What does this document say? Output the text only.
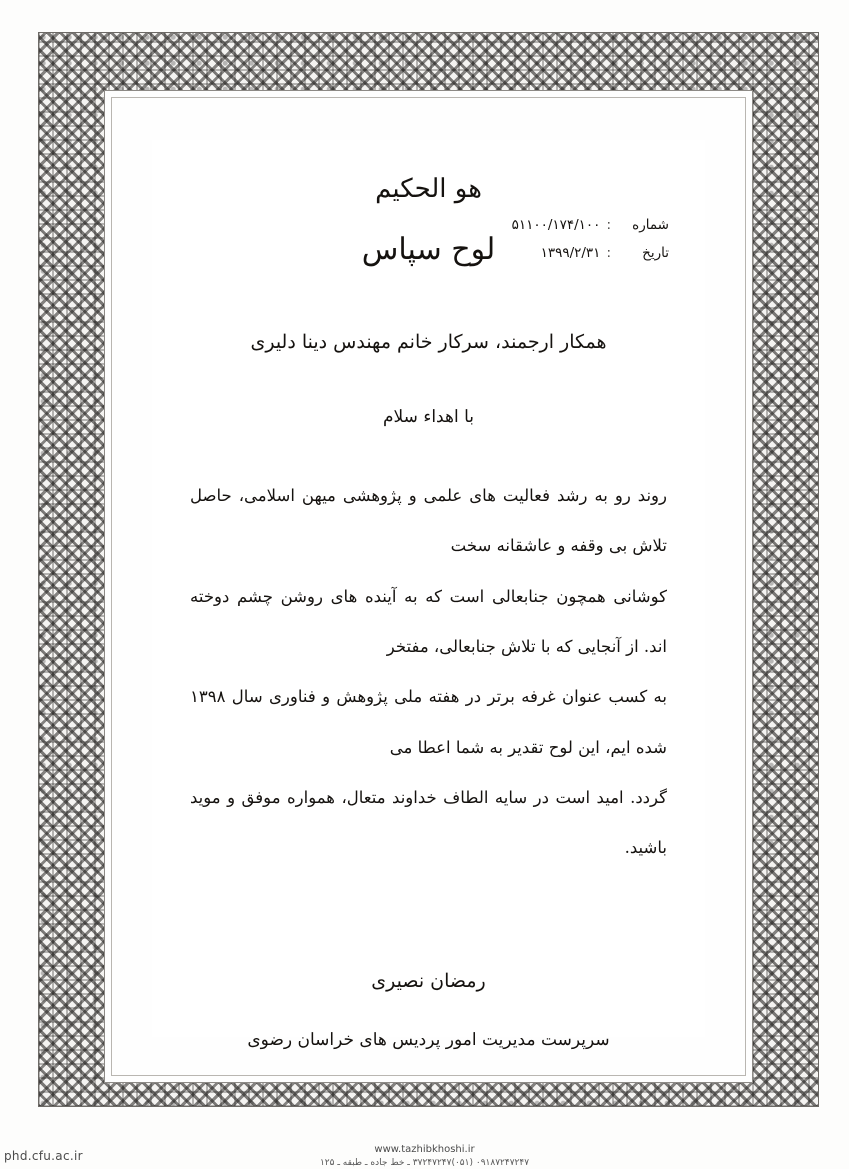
هو الحکیم
شماره
:
۵۱۱۰۰/۱۷۴/۱۰۰
تاریخ
:
۱۳۹۹/۲/۳۱
لوح سپاس
همکار ارجمند، سرکار خانم مهندس دینا دلیری
با اهداء سلام

روند رو به رشد فعالیت های علمی و پژوهشی میهن اسلامی، حاصل تلاش بی وقفه و عاشقانه سخت

کوشانی همچون جنابعالی است که به آینده های روشن چشم دوخته اند. از آنجایی که با تلاش جنابعالی، مفتخر

به کسب عنوان غرفه برتر در هفته ملی پژوهش و فناوری سال ۱۳۹۸ شده ایم، این لوح تقدیر به شما اعطا می

گردد. امید است در سایه الطاف خداوند متعال، همواره موفق و موید باشید.

رمضان نصیری
سرپرست مدیریت امور پردیس های خراسان رضوی
phd.cfu.ac.ir	www.tazhibkhoshi.ir
۰۹۱۸۷۲۴۷۲۴۷ (۰۵۱)۳۷۲۴۷۲۴۷ ـ خط جاده ـ طبقه ـ ۱۲۵
